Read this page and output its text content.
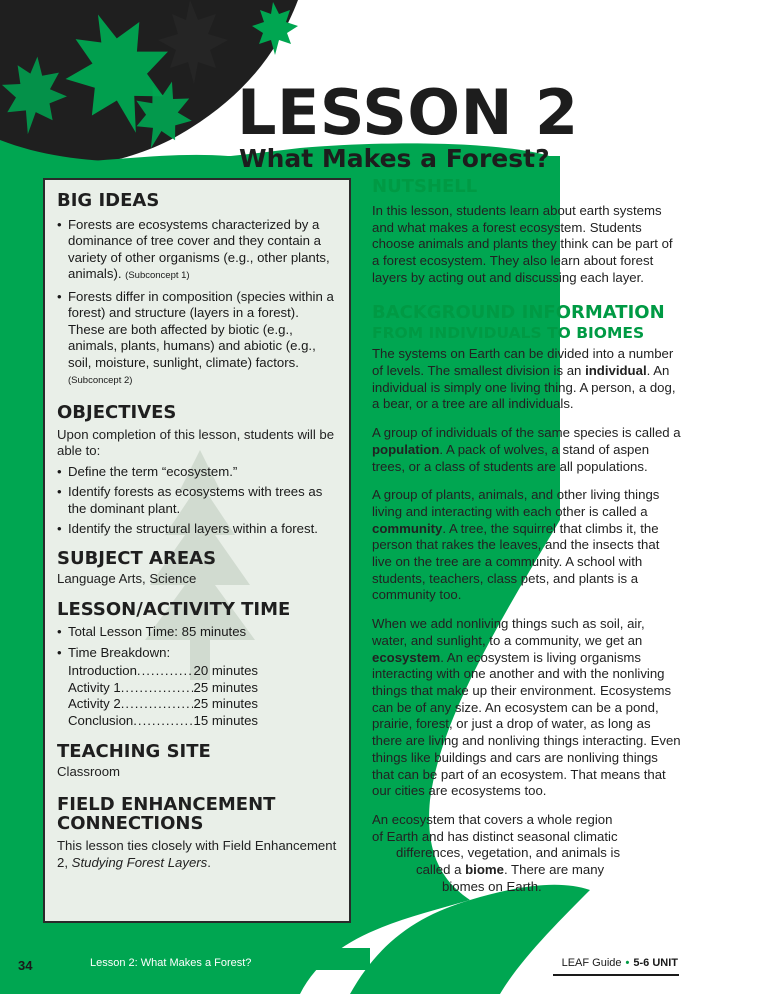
LESSON 2
What Makes a Forest?
BIG IDEAS
• Forests are ecosystems characterized by a dominance of tree cover and they contain a variety of other organisms (e.g., other plants, animals). (Subconcept 1)
• Forests differ in composition (species within a forest) and structure (layers in a forest). These are both affected by biotic (e.g., animals, plants, humans) and abiotic (e.g., soil, moisture, sunlight, climate) factors.
(Subconcept 2)
OBJECTIVES
Upon completion of this lesson, students will be able to:
• Define the term “ecosystem.”
• Identify forests as ecosystems with trees as the dominant plant.
• Identify the structural layers within a forest.
SUBJECT AREAS
Language Arts, Science
LESSON/ACTIVITY TIME
• Total Lesson Time: 85 minutes
• Time Breakdown:
Introduction .....	20 minutes
Activity 1 .....	25 minutes
Activity 2 .....	25 minutes
Conclusion .....	15 minutes
TEACHING SITE
Classroom
FIELD ENHANCEMENT CONNECTIONS
This lesson ties closely with Field Enhancement 2, Studying Forest Layers.
NUTSHELL
In this lesson, students learn about earth systems and what makes a forest ecosystem. Students choose animals and plants they think can be part of a forest ecosystem. They also learn about forest layers by acting out and discussing each layer.
BACKGROUND INFORMATION
FROM INDIVIDUALS TO BIOMES
The systems on Earth can be divided into a number of levels. The smallest division is an individual. An individual is simply one living thing. A person, a dog, a bear, or a tree are all individuals.
A group of individuals of the same species is called a population. A pack of wolves, a stand of aspen trees, or a class of students are all populations.
A group of plants, animals, and other living things living and interacting with each other is called a community. A tree, the squirrel that climbs it, the person that rakes the leaves, and the insects that live on the tree are a community. A school with students, teachers, class pets, and plants is a community too.
When we add nonliving things such as soil, air, water, and sunlight, to a community, we get an ecosystem. An ecosystem is living organisms interacting with one another and with the nonliving things that make up their environment. Ecosystems can be of any size. An ecosystem can be a pond, prairie, forest, or just a drop of water, as long as there are living and nonliving things interacting. Even things like buildings and cars are nonliving things that can be part of an ecosystem. That means that our cities are ecosystems too.
An ecosystem that covers a whole region
of Earth and has distinct seasonal climatic
differences, vegetation, and animals is
called a biome. There are many
biomes on Earth.
34	Lesson 2: What Makes a Forest?	LEAF Guide • 5-6 UNIT
